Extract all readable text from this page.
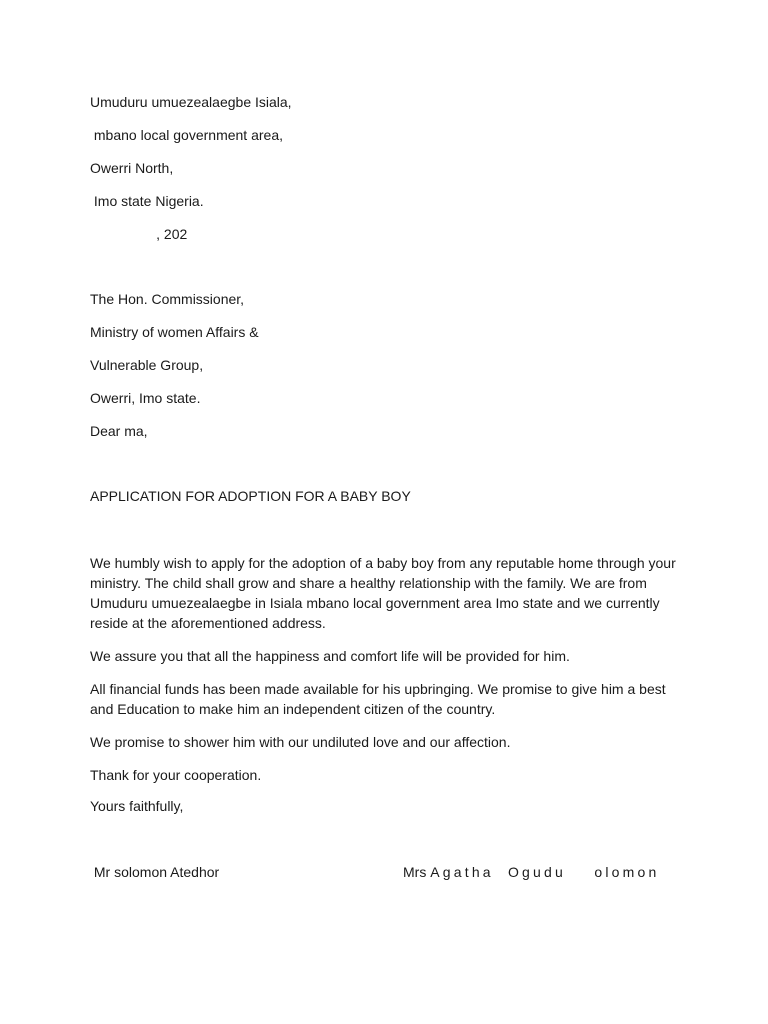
Umuduru umuezealaegbe Isiala,
mbano local government area,
Owerri North,
Imo state Nigeria.
, 202
The Hon. Commissioner,
Ministry of women Affairs &
Vulnerable Group,
Owerri, Imo state.
Dear ma,
APPLICATION FOR ADOPTION FOR A BABY BOY
We humbly wish to apply for the adoption of a baby boy from any reputable home through your ministry. The child shall grow and share a healthy relationship with the family. We are from Umuduru umuezealaegbe in Isiala mbano local government area Imo state and we currently reside at the aforementioned address.
We assure you that all the happiness and comfort life will be provided for him.
All financial funds has been made available for his upbringing. We promise to give him a best and Education to make him an independent citizen of the country.
We promise to shower him with our undiluted love and our affection.
Thank for your cooperation.
Yours faithfully,
Mr solomon Atedhor	Mrs Agatha  Ogudu    olomon
